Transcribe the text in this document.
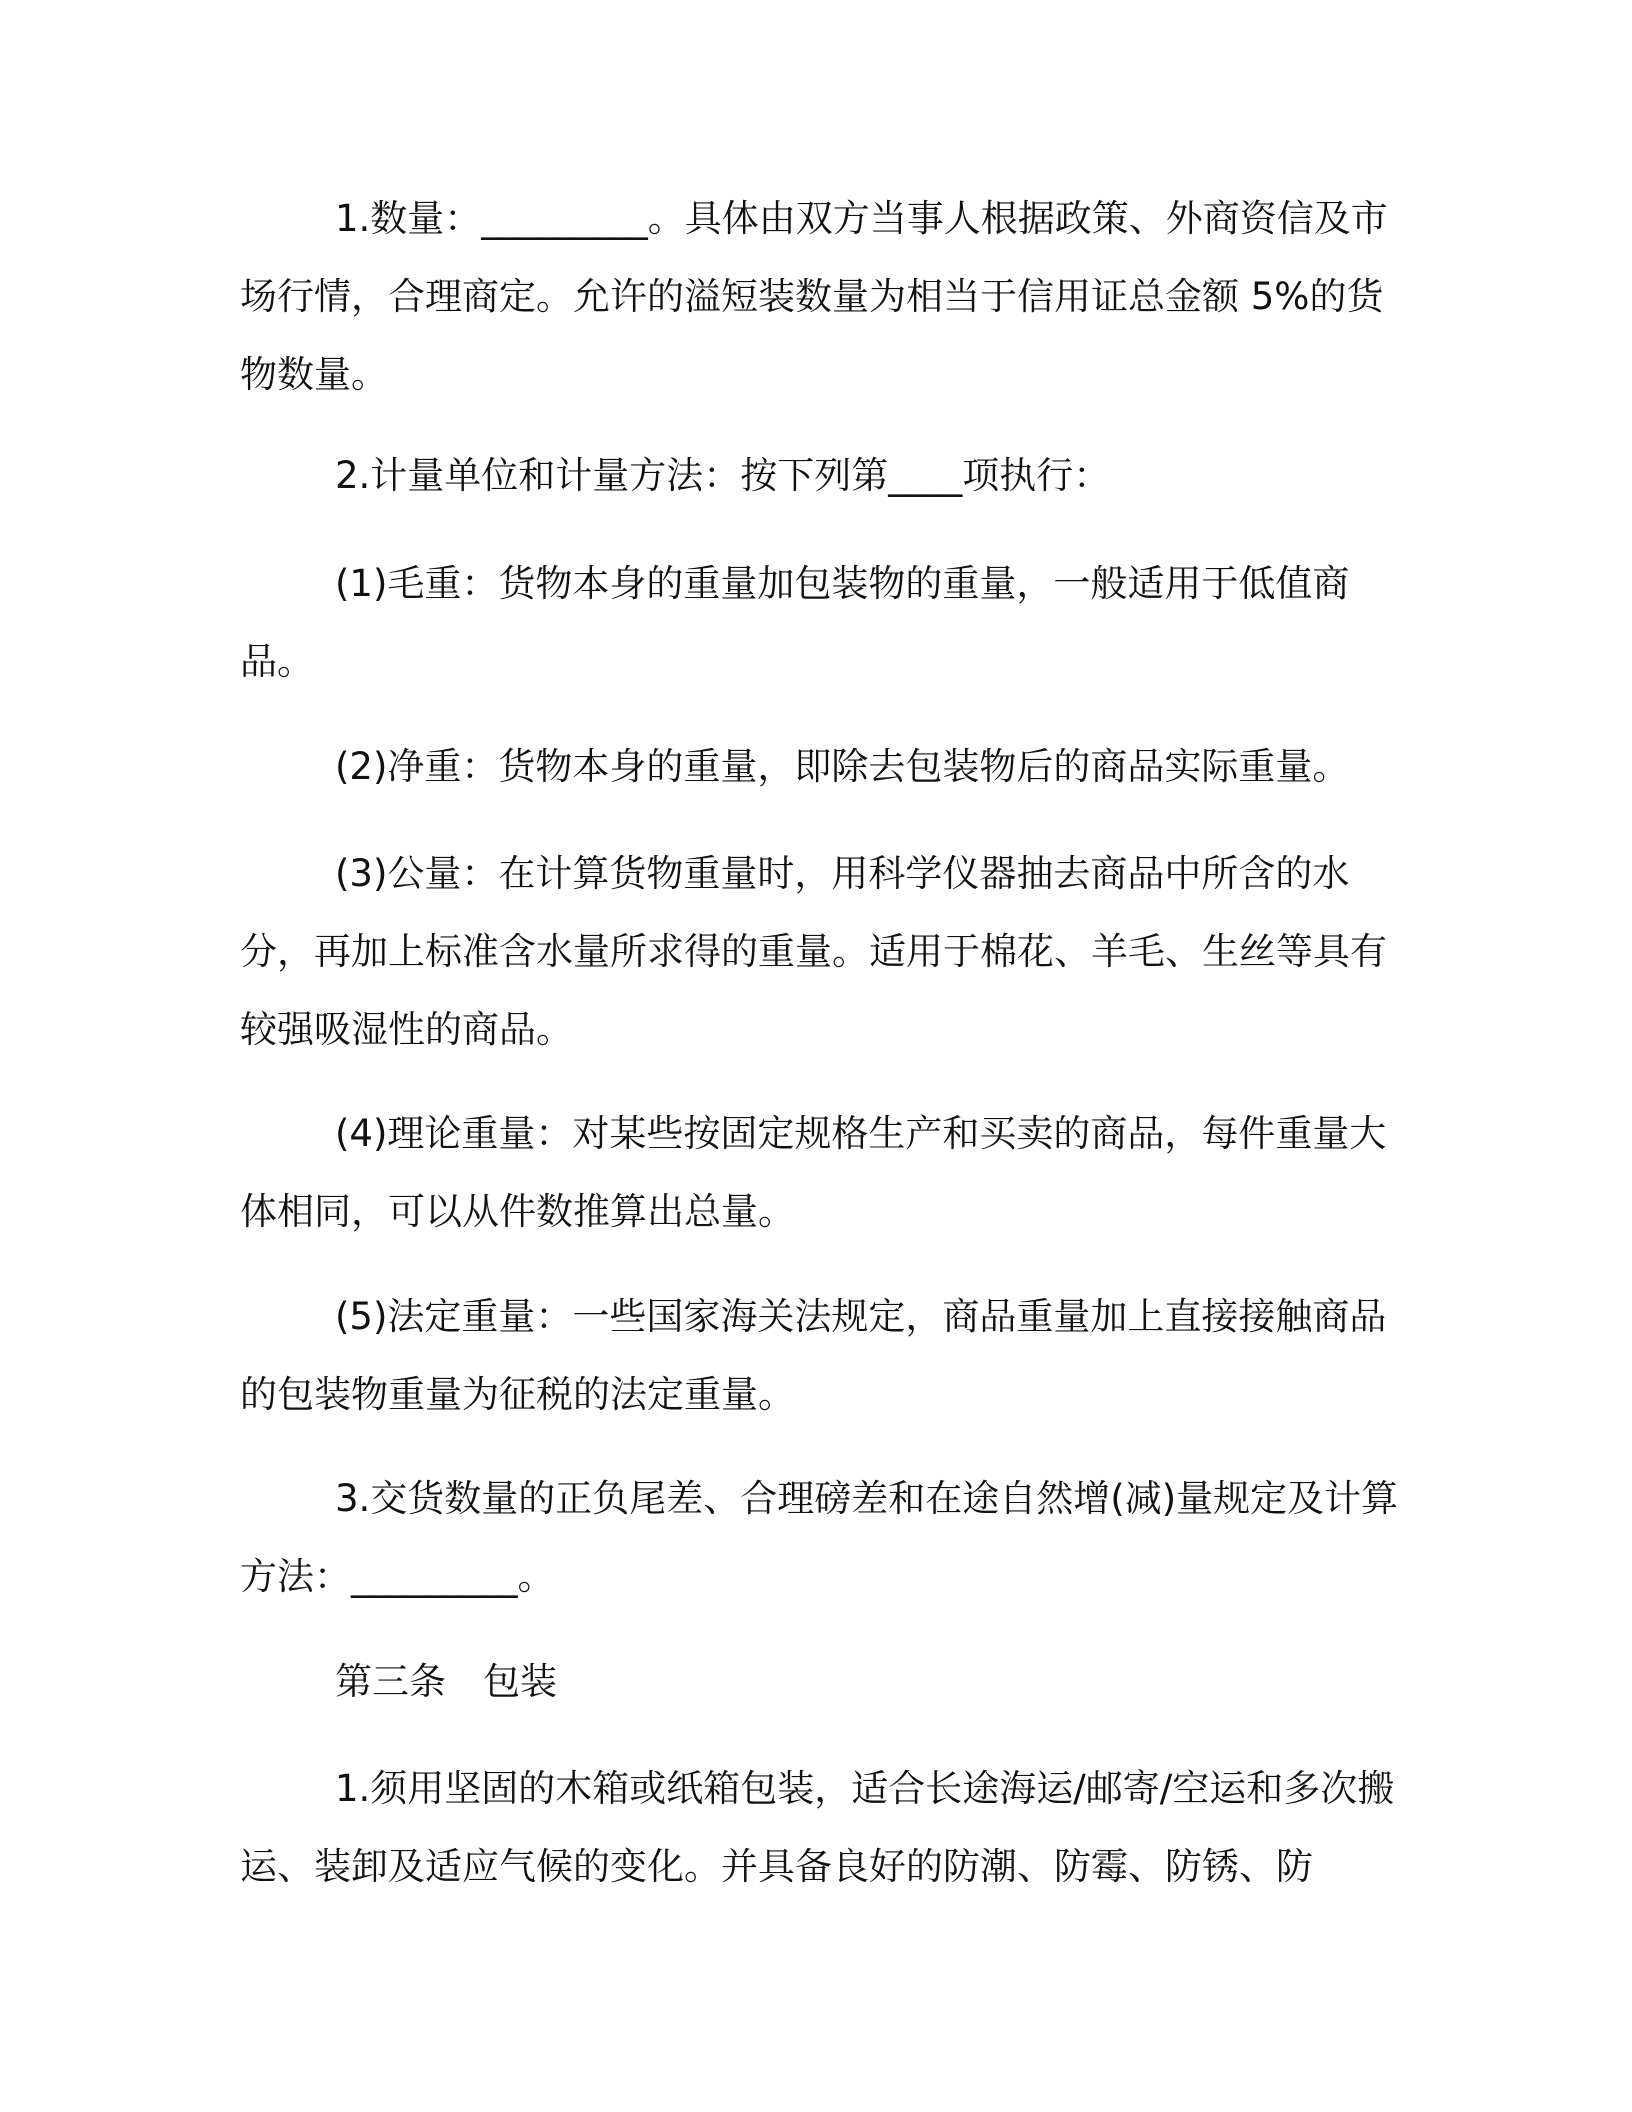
1.数量：_________。具体由双方当事人根据政策、外商资信及市场行情，合理商定。允许的溢短装数量为相当于信用证总金额 5%的货物数量。

2.计量单位和计量方法：按下列第____项执行：

(1)毛重：货物本身的重量加包装物的重量，一般适用于低值商品。

(2)净重：货物本身的重量，即除去包装物后的商品实际重量。

(3)公量：在计算货物重量时，用科学仪器抽去商品中所含的水分，再加上标准含水量所求得的重量。适用于棉花、羊毛、生丝等具有较强吸湿性的商品。

(4)理论重量：对某些按固定规格生产和买卖的商品，每件重量大体相同，可以从件数推算出总量。

(5)法定重量：一些国家海关法规定，商品重量加上直接接触商品的包装物重量为征税的法定重量。

3.交货数量的正负尾差、合理磅差和在途自然增(减)量规定及计算方法：_________。

第三条　包装

1.须用坚固的木箱或纸箱包装，适合长途海运/邮寄/空运和多次搬运、装卸及适应气候的变化。并具备良好的防潮、防霉、防锈、防
